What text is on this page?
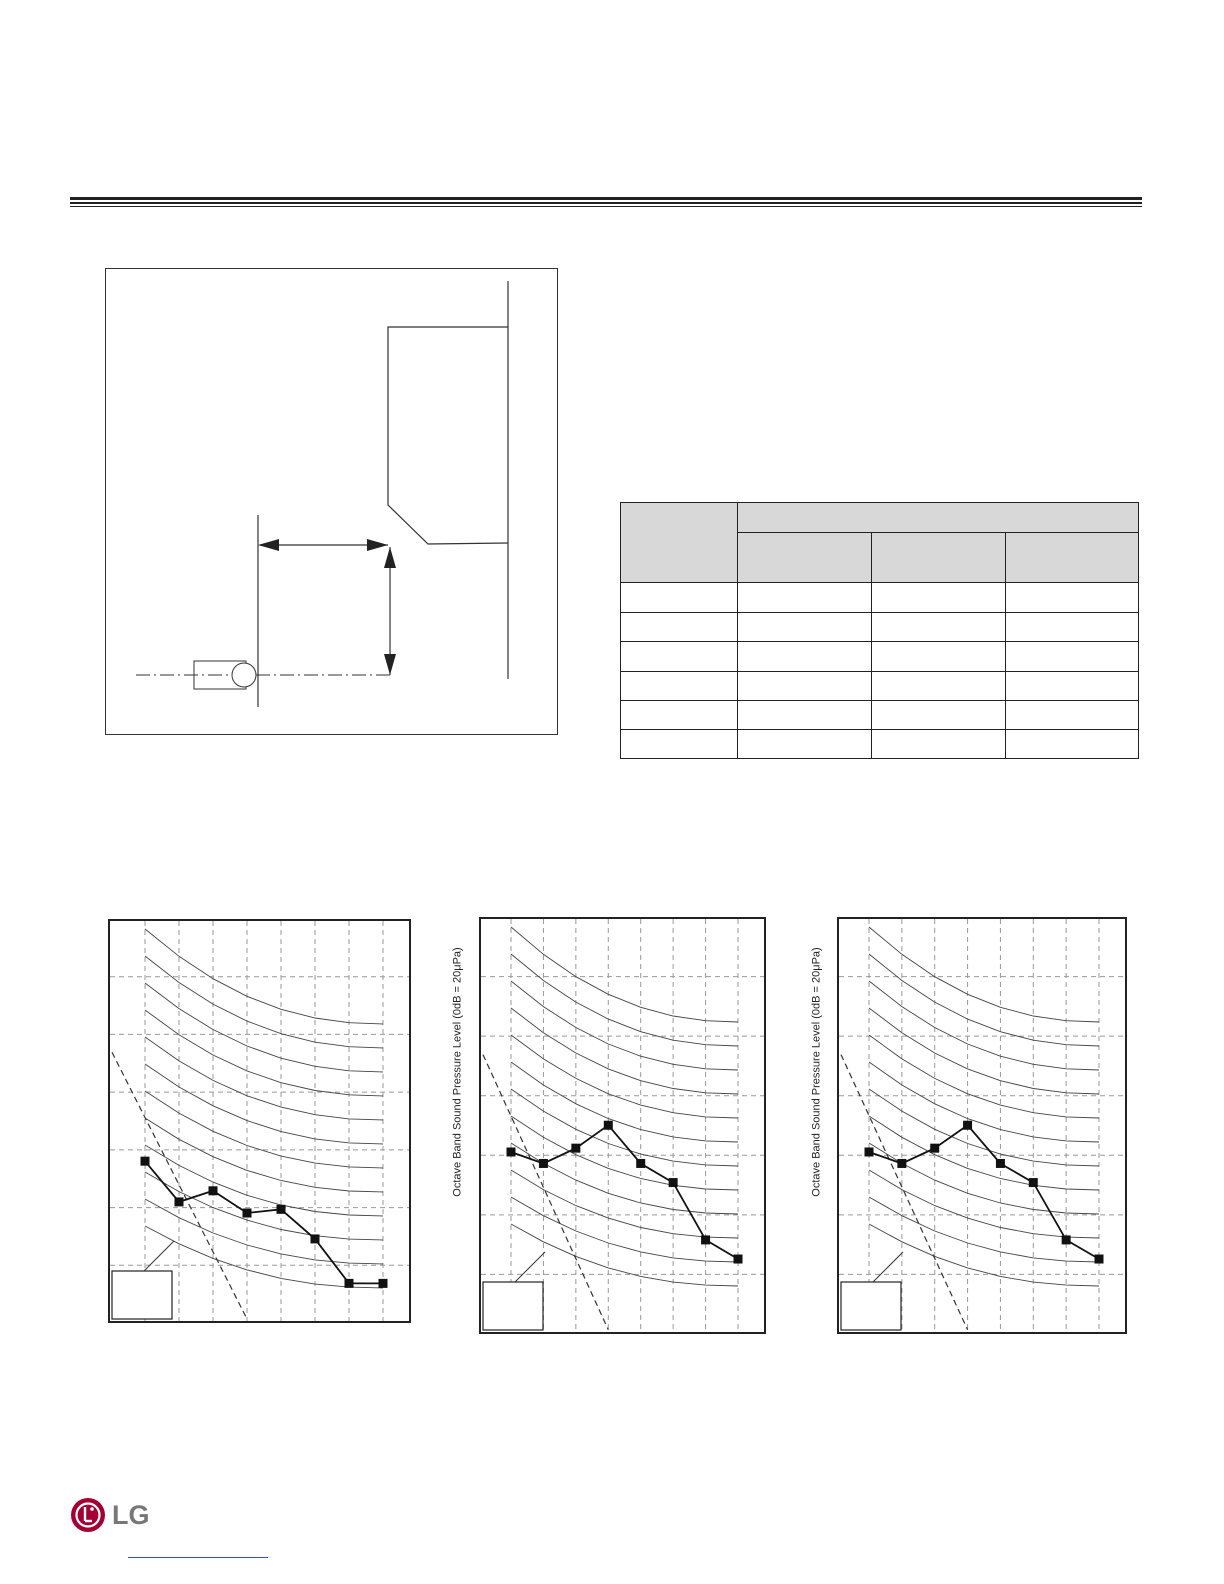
Octave Band Sound Pressure Level (0dB = 20μPa)	Octave Band Sound Pressure Level (0dB = 20μPa)
LG
